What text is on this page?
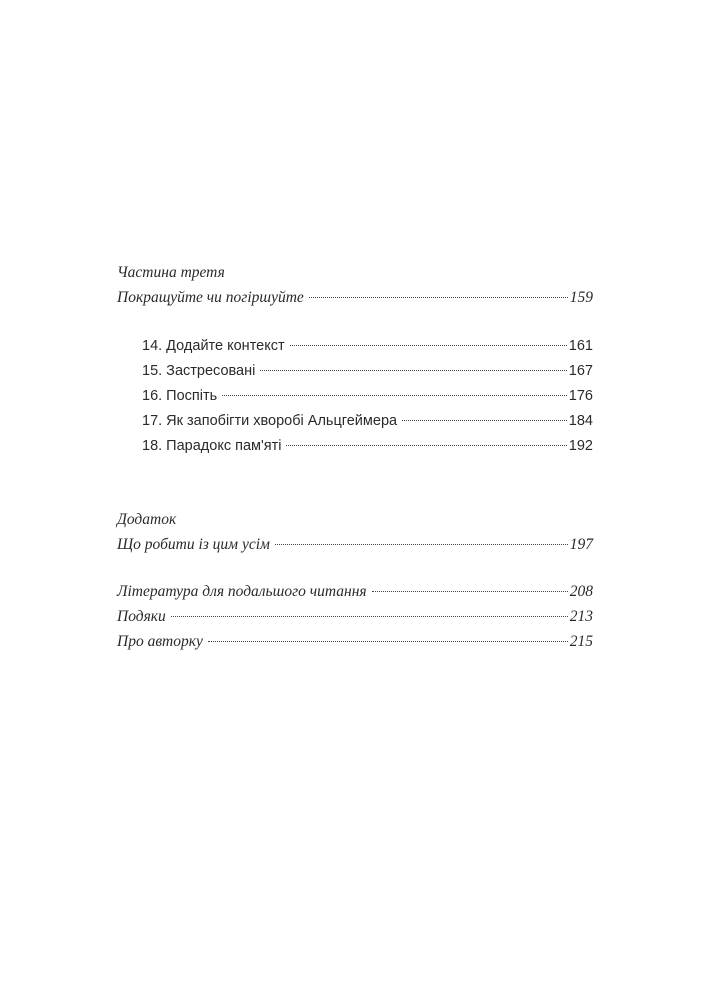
Частина третя
Покращуйте чи погіршуйте	159
14. Додайте контекст	161
15. Застресовані	167
16. Поспіть	176
17. Як запобігти хворобі Альцгеймера	184
18. Парадокс пам'яті	192
Додаток
Що робити із цим усім	197
Література для подальшого читання	208
Подяки	213
Про авторку	215
